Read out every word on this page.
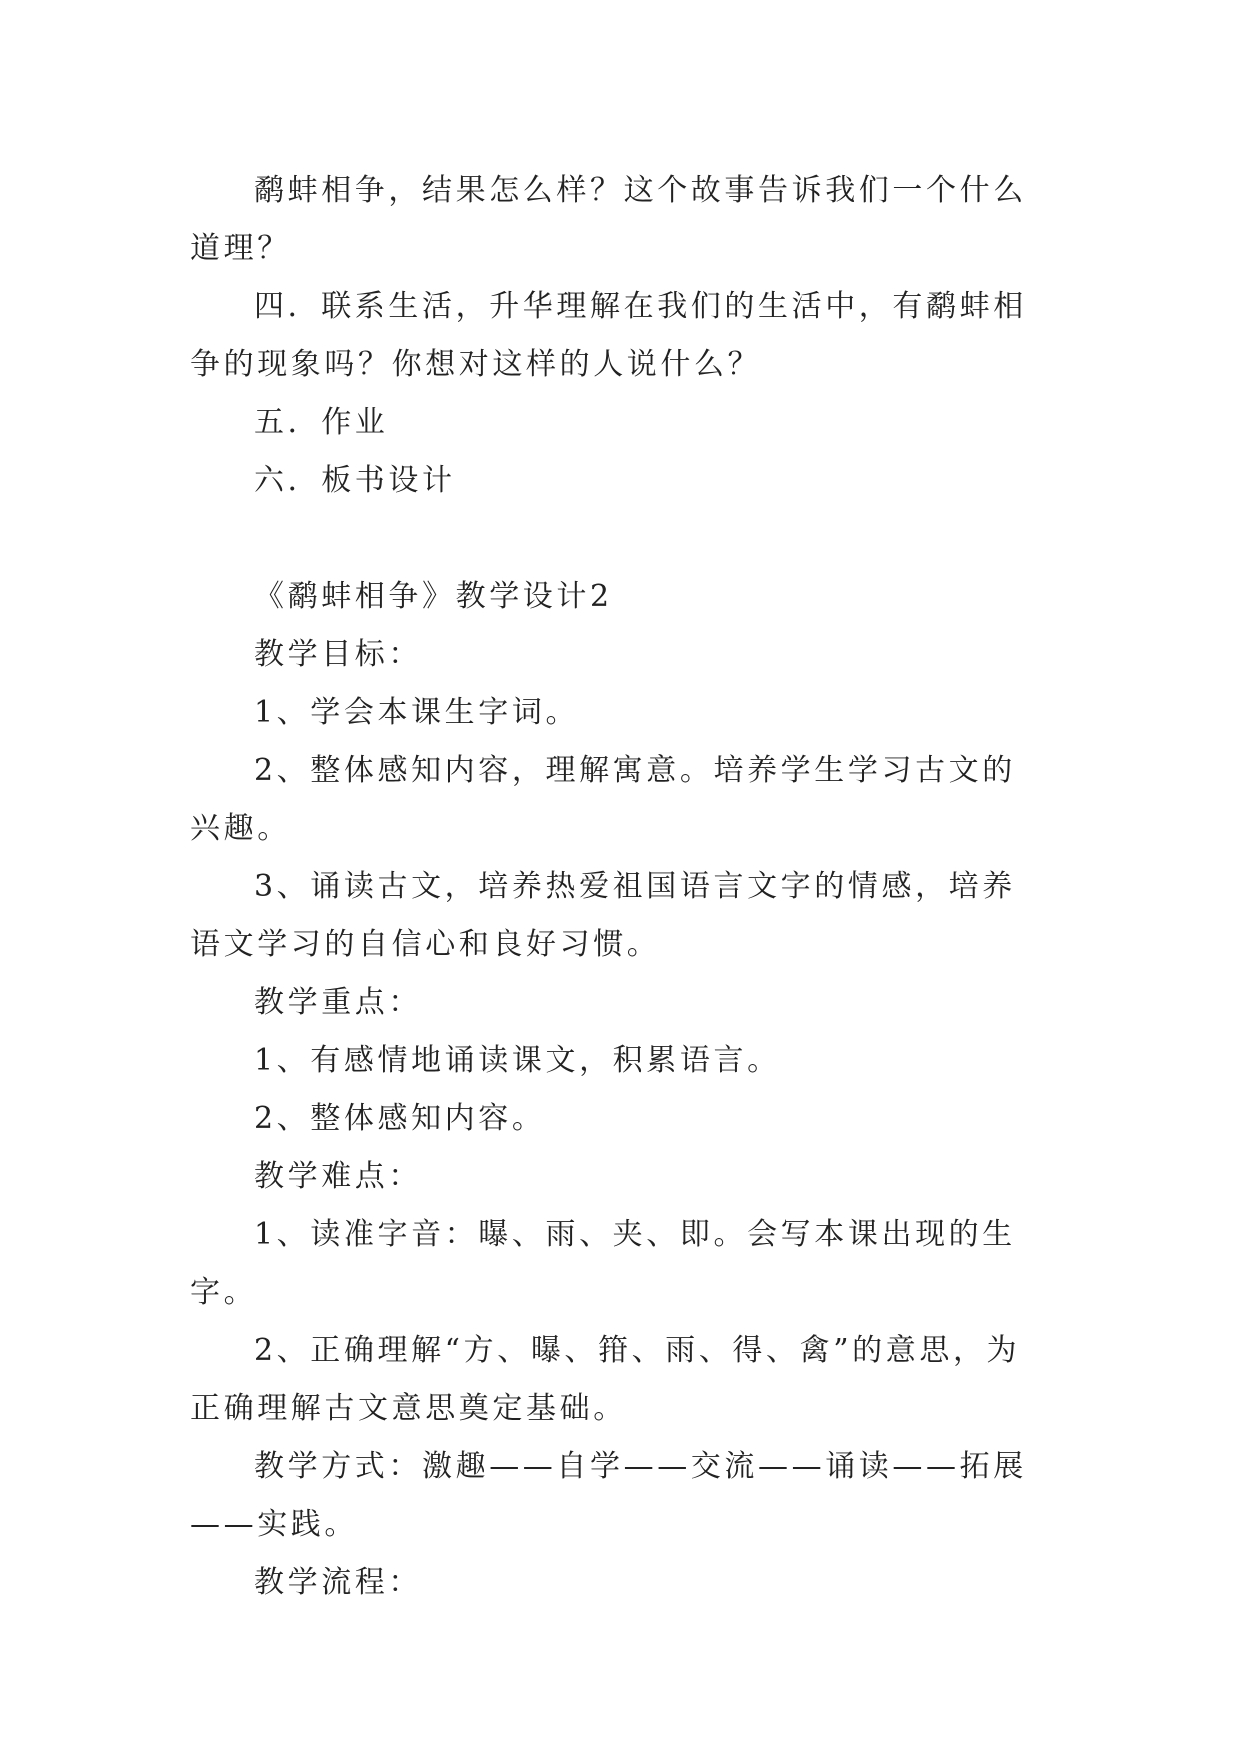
鹬蚌相争，结果怎么样？这个故事告诉我们一个什么道理？

四．联系生活，升华理解在我们的生活中，有鹬蚌相争的现象吗？你想对这样的人说什么？

五．作业

六．板书设计

《鹬蚌相争》教学设计2

教学目标：

1、学会本课生字词。

2、整体感知内容，理解寓意。培养学生学习古文的兴趣。

3、诵读古文，培养热爱祖国语言文字的情感，培养语文学习的自信心和良好习惯。

教学重点：

1、有感情地诵读课文，积累语言。

2、整体感知内容。

教学难点：

1、读准字音：曝、雨、夹、即。会写本课出现的生字。

2、正确理解“方、曝、箝、雨、得、禽”的意思，为正确理解古文意思奠定基础。

教学方式：激趣——自学——交流——诵读——拓展——实践。

教学流程：
